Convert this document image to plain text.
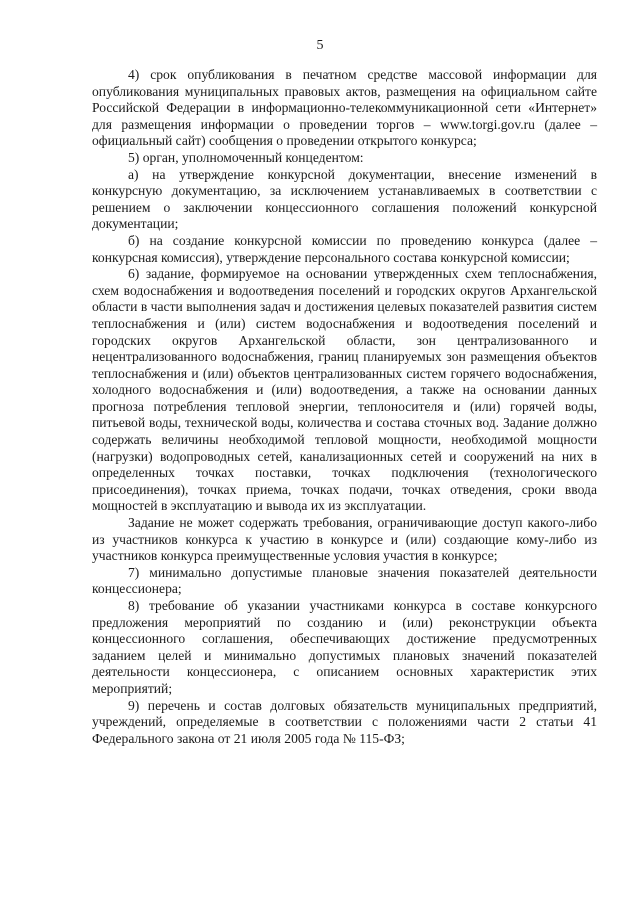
5

4) срок опубликования в печатном средстве массовой информации для опубликования муниципальных правовых актов, размещения на официальном сайте Российской Федерации в информационно-телекоммуникационной сети «Интернет» для размещения информации о проведении торгов – www.torgi.gov.ru (далее – официальный сайт) сообщения о проведении открытого конкурса;

5) орган, уполномоченный концедентом:

а) на утверждение конкурсной документации, внесение изменений в конкурсную документацию, за исключением устанавливаемых в соответствии с решением о заключении концессионного соглашения положений конкурсной документации;

б) на создание конкурсной комиссии по проведению конкурса (далее – конкурсная комиссия), утверждение персонального состава конкурсной комиссии;

6) задание, формируемое на основании утвержденных схем теплоснабжения, схем водоснабжения и водоотведения поселений и городских округов Архангельской области в части выполнения задач и достижения целевых показателей развития систем теплоснабжения и (или) систем водоснабжения и водоотведения поселений и городских округов Архангельской области, зон централизованного и нецентрализованного водоснабжения, границ планируемых зон размещения объектов теплоснабжения и (или) объектов централизованных систем горячего водоснабжения, холодного водоснабжения и (или) водоотведения, а также на основании данных прогноза потребления тепловой энергии, теплоносителя и (или) горячей воды, питьевой воды, технической воды, количества и состава сточных вод. Задание должно содержать величины необходимой тепловой мощности, необходимой мощности (нагрузки) водопроводных сетей, канализационных сетей и сооружений на них в определенных точках поставки, точках подключения (технологического присоединения), точках приема, точках подачи, точках отведения, сроки ввода мощностей в эксплуатацию и вывода их из эксплуатации.

Задание не может содержать требования, ограничивающие доступ какого-либо из участников конкурса к участию в конкурсе и (или) создающие кому-либо из участников конкурса преимущественные условия участия в конкурсе;

7) минимально допустимые плановые значения показателей деятельности концессионера;

8) требование об указании участниками конкурса в составе конкурсного предложения мероприятий по созданию и (или) реконструкции объекта концессионного соглашения, обеспечивающих достижение предусмотренных заданием целей и минимально допустимых плановых значений показателей деятельности концессионера, с описанием основных характеристик этих мероприятий;

9) перечень и состав долговых обязательств муниципальных предприятий, учреждений, определяемые в соответствии с положениями части 2 статьи 41 Федерального закона от 21 июля 2005 года № 115-ФЗ;
